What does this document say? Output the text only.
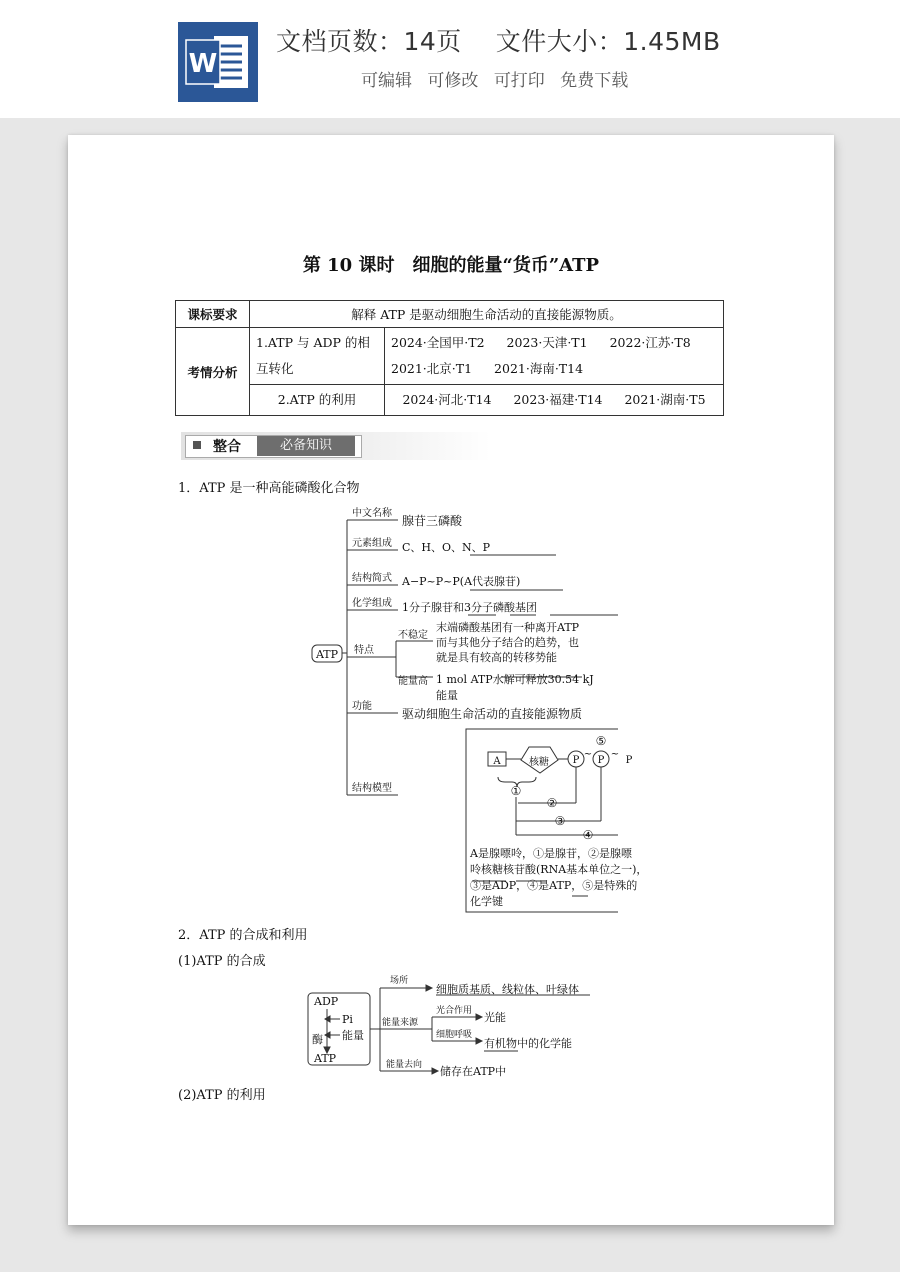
W
文档页数：14页　 文件大小：1.45MB
可编辑 可修改 可打印 免费下载
第 10 课时　细胞的能量“货币”ATP
课标要求	解释 ATP 是驱动细胞生命活动的直接能源物质。	
考情分析	1.ATP 与 ADP 的相互转化	2024·全国甲·T2 2023·天津·T1 2022·江苏·T8
2021·北京·T1 2021·海南·T14
	2.ATP 的利用	2024·河北·T14 2023·福建·T14 2021·湖南·T5
整合	必备知识
1．ATP 是一种高能磷酸化合物
ATP
中文名称
腺苷三磷酸
元素组成 C、H、O、N、P
结构简式 A−P~P~P(A代表腺苷)
化学组成 1分子腺苷和3分子磷酸基团
特点
不稳定
末端磷酸基团有一种离开ATP
而与其他分子结合的趋势，也
就是具有较高的转移势能
能量高 1 mol ATP水解可释放30.54 kJ
能量
功能
驱动细胞生命活动的直接能源物质
结构模型
A	核糖 P P P
~ ~
⑤
①
②
③
④
A是腺嘌呤，①是腺苷，②是腺嘌
呤核糖核苷酸(RNA基本单位之一)，
③是ADP，④是ATP，⑤是特殊的
化学键
2．ATP 的合成和利用
(1)ATP 的合成
ADP
Pi
酶 能量
ATP
场所
细胞质基质、线粒体、叶绿体
能量来源
光合作用 光能
细胞呼吸
有机物中的化学能
能量去向 储存在ATP中
(2)ATP 的利用
